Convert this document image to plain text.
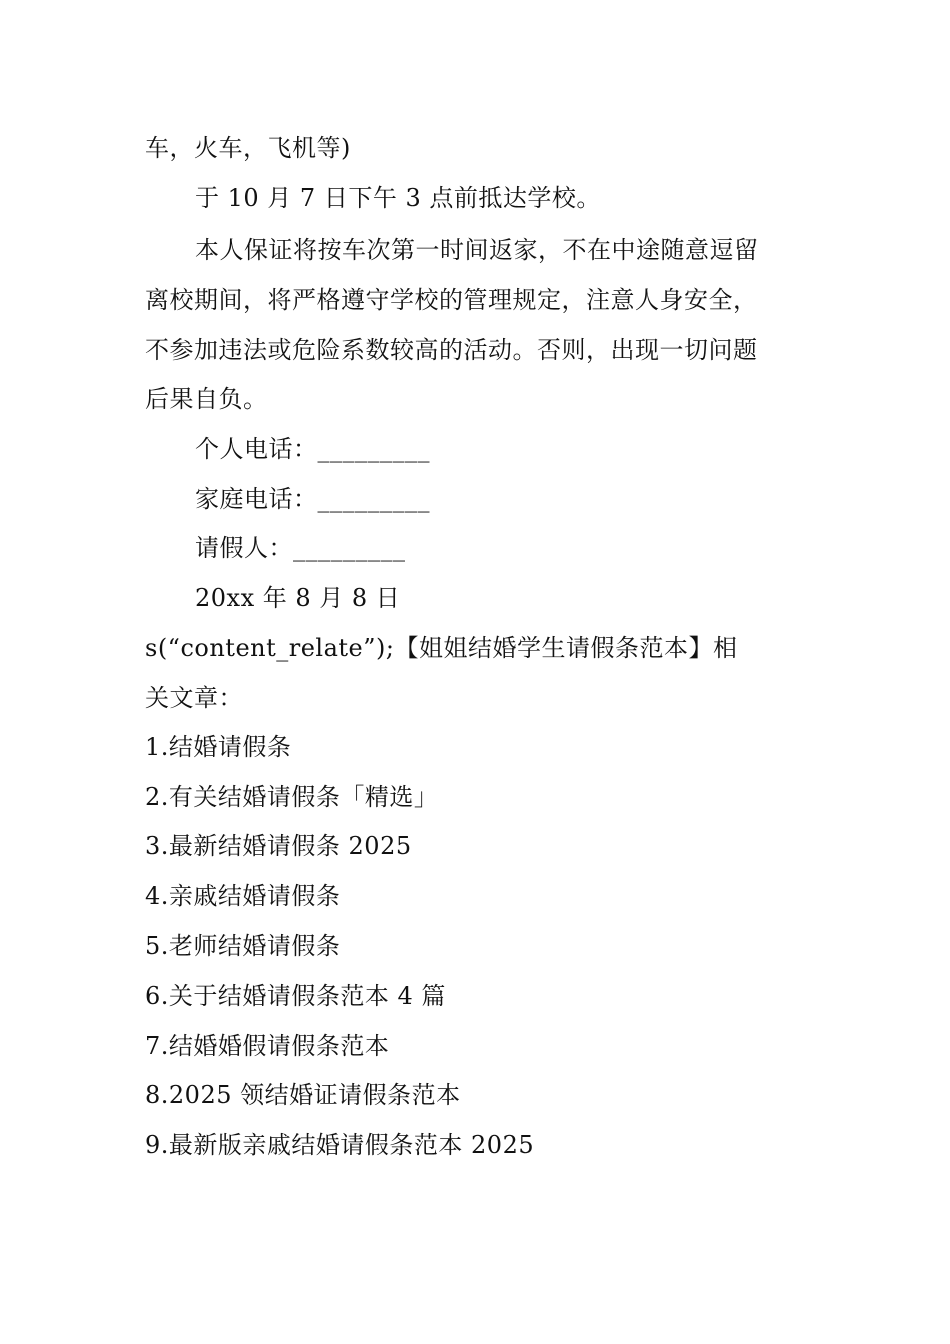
车，火车，飞机等)
于 10 月 7 日下午 3 点前抵达学校。
本人保证将按车次第一时间返家，不在中途随意逗留
离校期间，将严格遵守学校的管理规定，注意人身安全，
不参加违法或危险系数较高的活动。否则，出现一切问题
后果自负。
个人电话：_________
家庭电话：_________
请假人：_________
20xx 年 8 月 8 日
s(“content_relate”);【姐姐结婚学生请假条范本】相
关文章：
1.结婚请假条
2.有关结婚请假条「精选」
3.最新结婚请假条 2025
4.亲戚结婚请假条
5.老师结婚请假条
6.关于结婚请假条范本 4 篇
7.结婚婚假请假条范本
8.2025 领结婚证请假条范本
9.最新版亲戚结婚请假条范本 2025
